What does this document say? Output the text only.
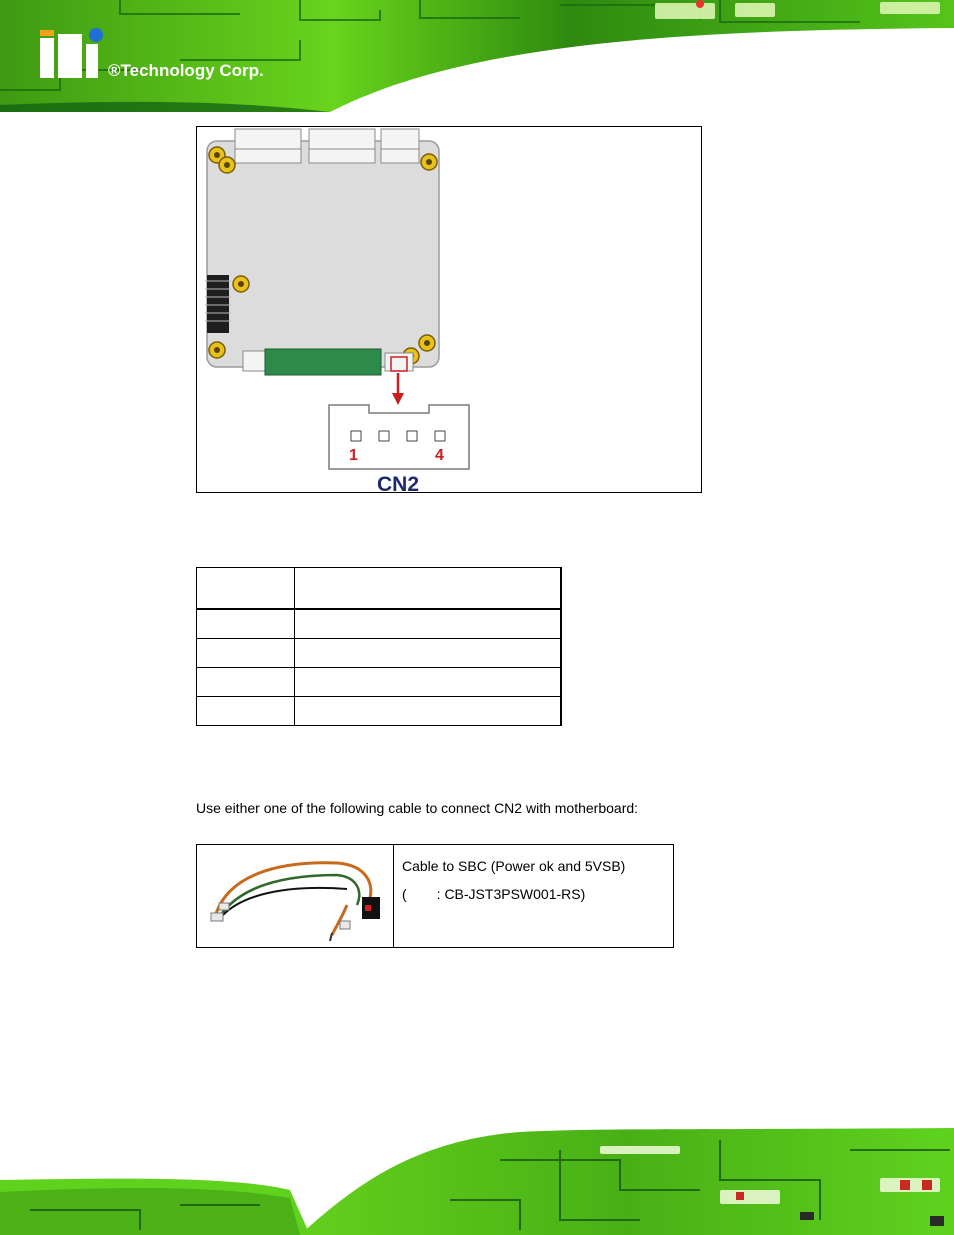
®Technology Corp.
1	4
CN2

Use either one of the following cable to connect CN2 with motherboard:
Cable to SBC (Power ok and 5VSB)
( : CB-JST3PSW001-RS)
